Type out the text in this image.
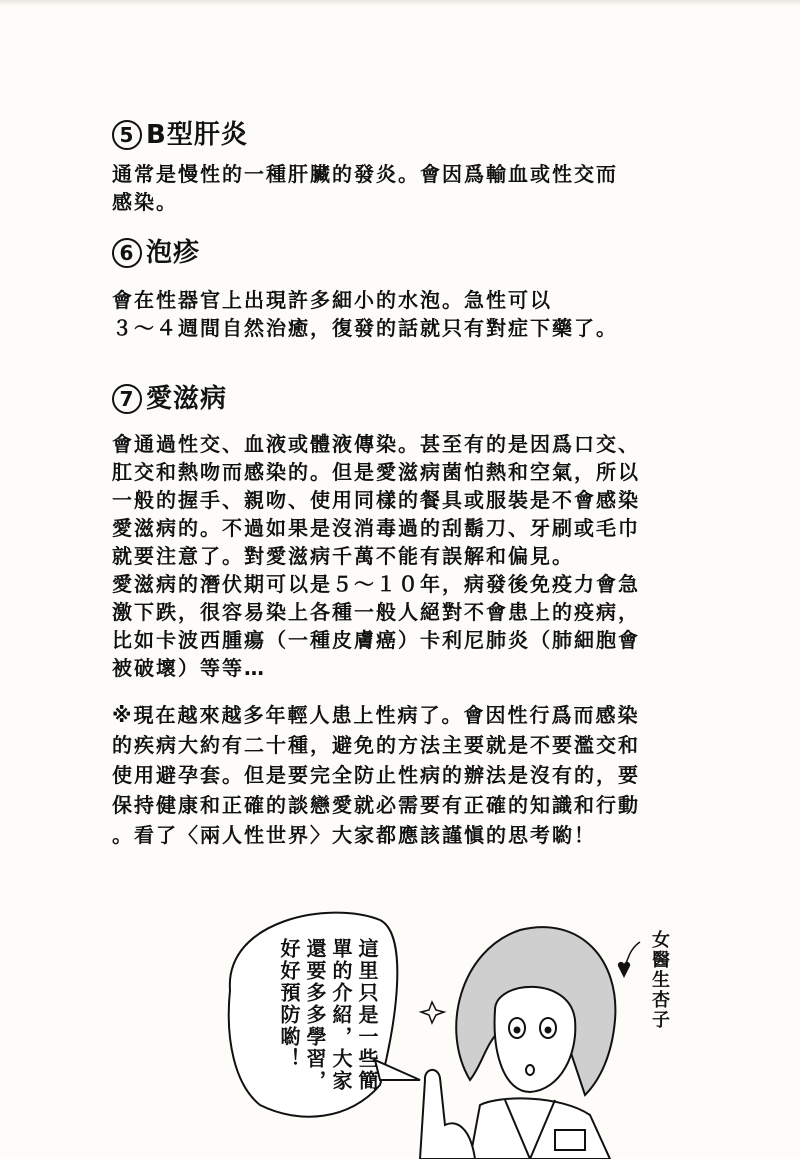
5 B型肝炎
通常是慢性的一種肝臟的發炎。會因爲輸血或性交而
感染。
6 泡疹
會在性器官上出現許多細小的水泡。急性可以
３～４週間自然治癒，復發的話就只有對症下藥了。
7 愛滋病
會通過性交、血液或體液傳染。甚至有的是因爲口交、
肛交和熱吻而感染的。但是愛滋病菌怕熱和空氣，所以
一般的握手、親吻、使用同樣的餐具或服裝是不會感染
愛滋病的。不過如果是沒消毒過的刮鬍刀、牙刷或毛巾
就要注意了。對愛滋病千萬不能有誤解和偏見。
愛滋病的潛伏期可以是５～１０年，病發後免疫力會急
激下跌，很容易染上各種一般人絕對不會患上的疫病，
比如卡波西腫瘍（一種皮膚癌）卡利尼肺炎（肺細胞會
被破壞）等等…
※現在越來越多年輕人患上性病了。會因性行爲而感染
的疾病大約有二十種，避免的方法主要就是不要濫交和
使用避孕套。但是要完全防止性病的辦法是沒有的，要
保持健康和正確的談戀愛就必需要有正確的知識和行動
。看了〈兩人性世界〉大家都應該謹愼的思考喲！
這里只是一些簡單的介紹，大家還要多多學習，好好預防喲！	女醫生杏子
